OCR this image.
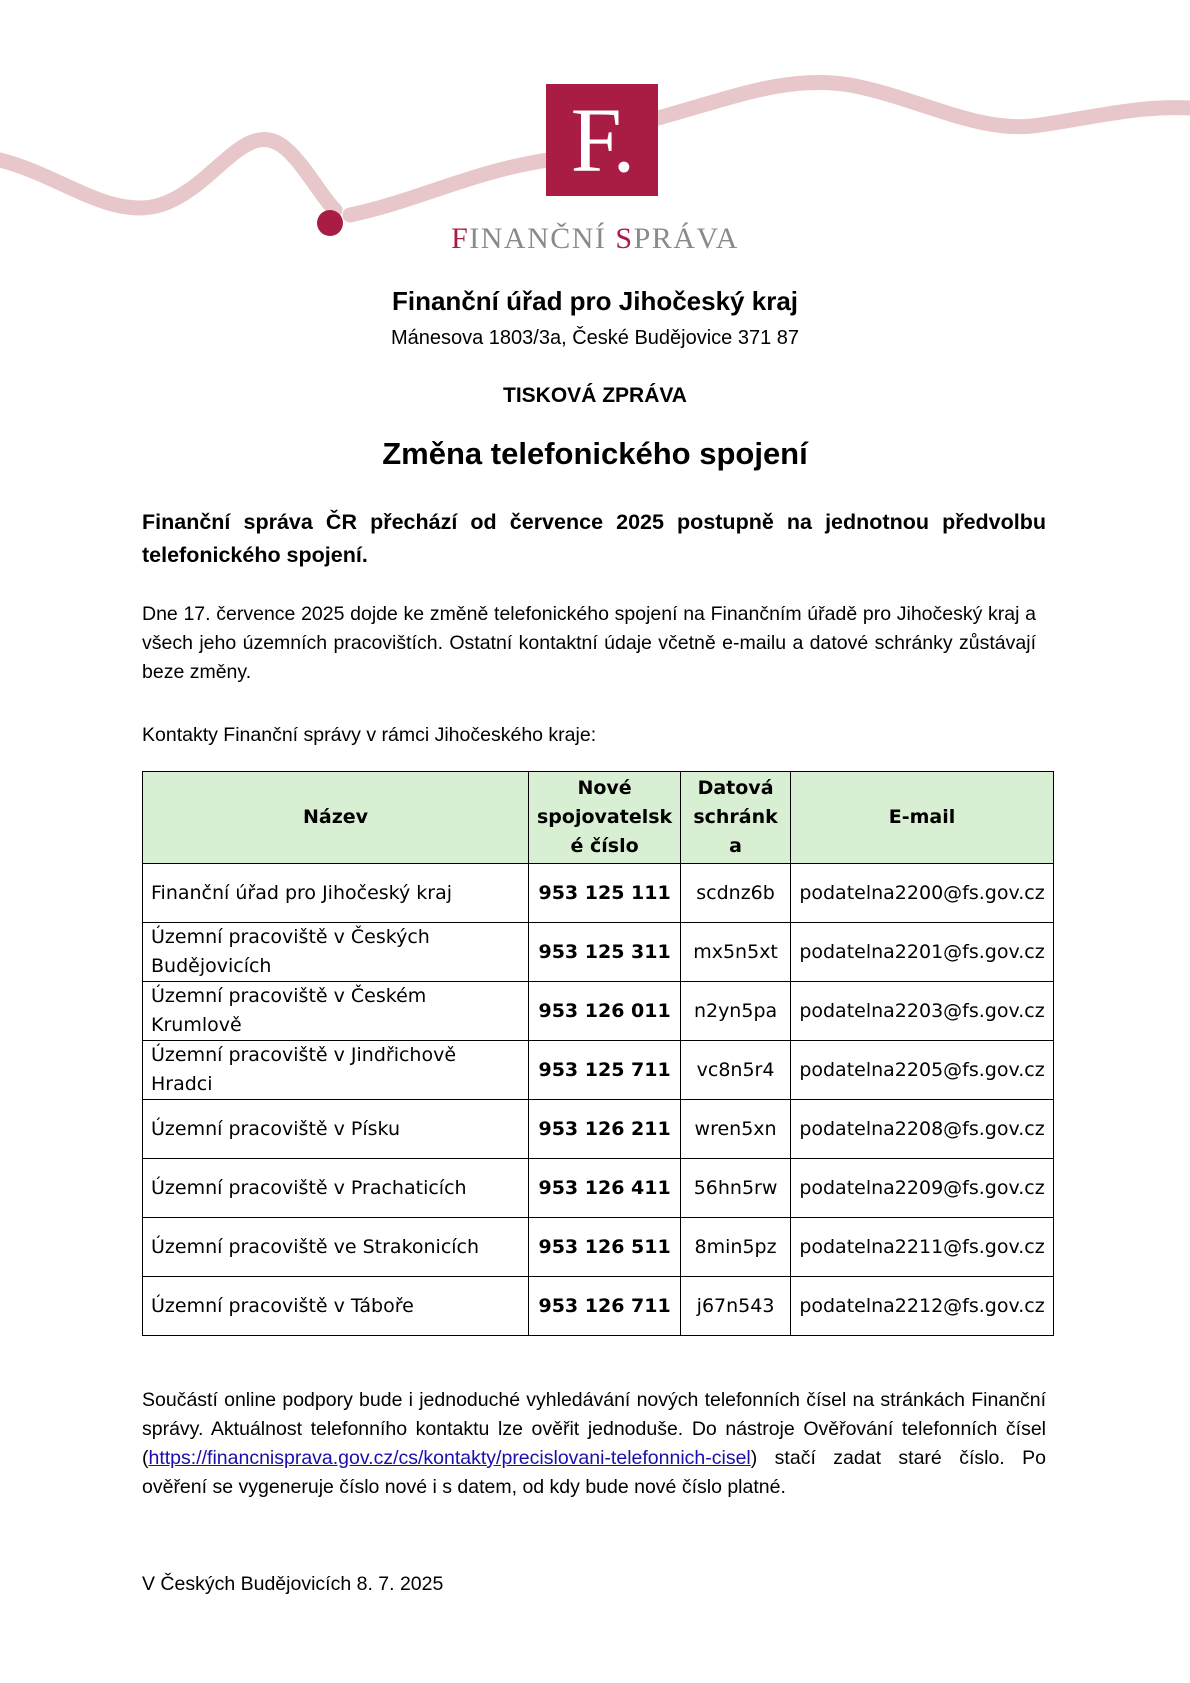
F.
FINANČNÍ SPRÁVA
Finanční úřad pro Jihočeský kraj
Mánesova 1803/3a, České Budějovice 371 87
TISKOVÁ ZPRÁVA
Změna telefonického spojení
Finanční správa ČR přechází od července 2025 postupně na jednotnou předvolbu telefonického spojení.
Dne 17. července 2025 dojde ke změně telefonického spojení na Finančním úřadě pro Jihočeský kraj a všech jeho územních pracovištích. Ostatní kontaktní údaje včetně e-mailu a datové schránky zůstávají beze změny.
Kontakty Finanční správy v rámci Jihočeského kraje:
Název	Nové spojovatelsk é číslo	Datová schránk a	E-mail
Finanční úřad pro Jihočeský kraj	953 125 111	scdnz6b	podatelna2200@fs.gov.cz
Územní pracoviště v Českých Budějovicích	953 125 311	mx5n5xt	podatelna2201@fs.gov.cz
Územní pracoviště v Českém Krumlově	953 126 011	n2yn5pa	podatelna2203@fs.gov.cz
Územní pracoviště v Jindřichově Hradci	953 125 711	vc8n5r4	podatelna2205@fs.gov.cz
Územní pracoviště v Písku	953 126 211	wren5xn	podatelna2208@fs.gov.cz
Územní pracoviště v Prachaticích	953 126 411	56hn5rw	podatelna2209@fs.gov.cz
Územní pracoviště ve Strakonicích	953 126 511	8min5pz	podatelna2211@fs.gov.cz
Územní pracoviště v Táboře	953 126 711	j67n543	podatelna2212@fs.gov.cz
Součástí online podpory bude i jednoduché vyhledávání nových telefonních čísel na stránkách Finanční správy. Aktuálnost telefonního kontaktu lze ověřit jednoduše. Do nástroje Ověřování telefonních čísel (https://financnisprava.gov.cz/cs/kontakty/precislovani-telefonnich-cisel) stačí zadat staré číslo. Po ověření se vygeneruje číslo nové i s datem, od kdy bude nové číslo platné.
V Českých Budějovicích 8. 7. 2025
